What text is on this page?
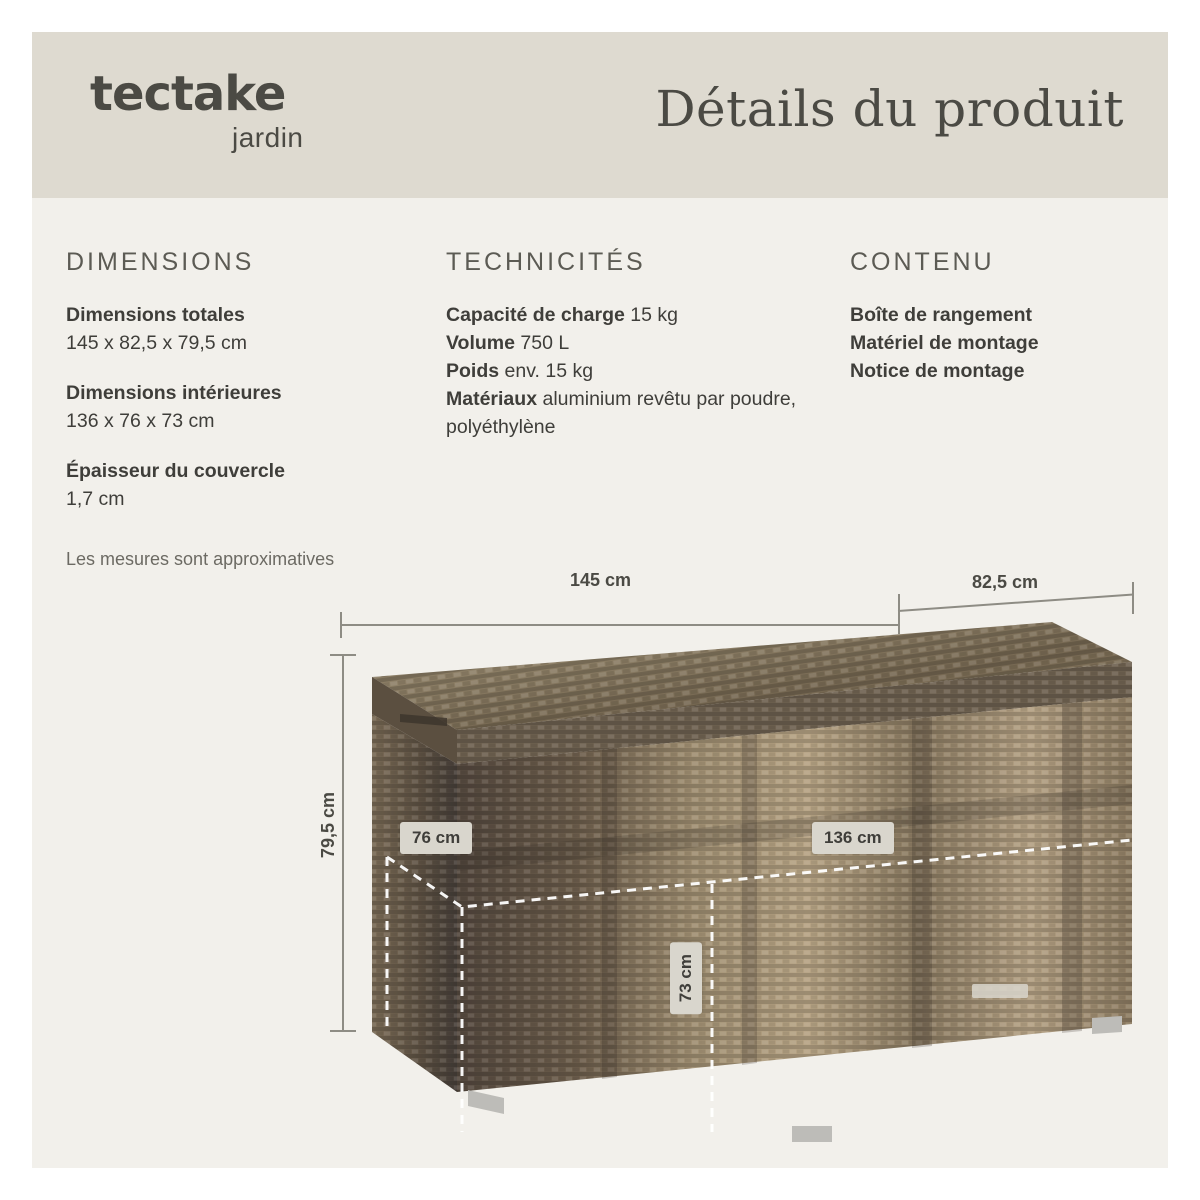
tectake
jardin	Détails du produit
DIMENSIONS
Dimensions totales
145 x 82,5 x 79,5 cm
Dimensions intérieures
136 x 76 x 73 cm
Épaisseur du couvercle
1,7 cm
Les mesures sont approximatives
TECHNICITÉS
Capacité de charge 15 kg
Volume 750 L
Poids env. 15 kg
Matériaux aluminium revêtu par poudre, polyéthylène
CONTENU
Boîte de rangement
Matériel de montage
Notice de montage
145 cm	82,5 cm
79,5 cm	76 cm	136 cm
73 cm
